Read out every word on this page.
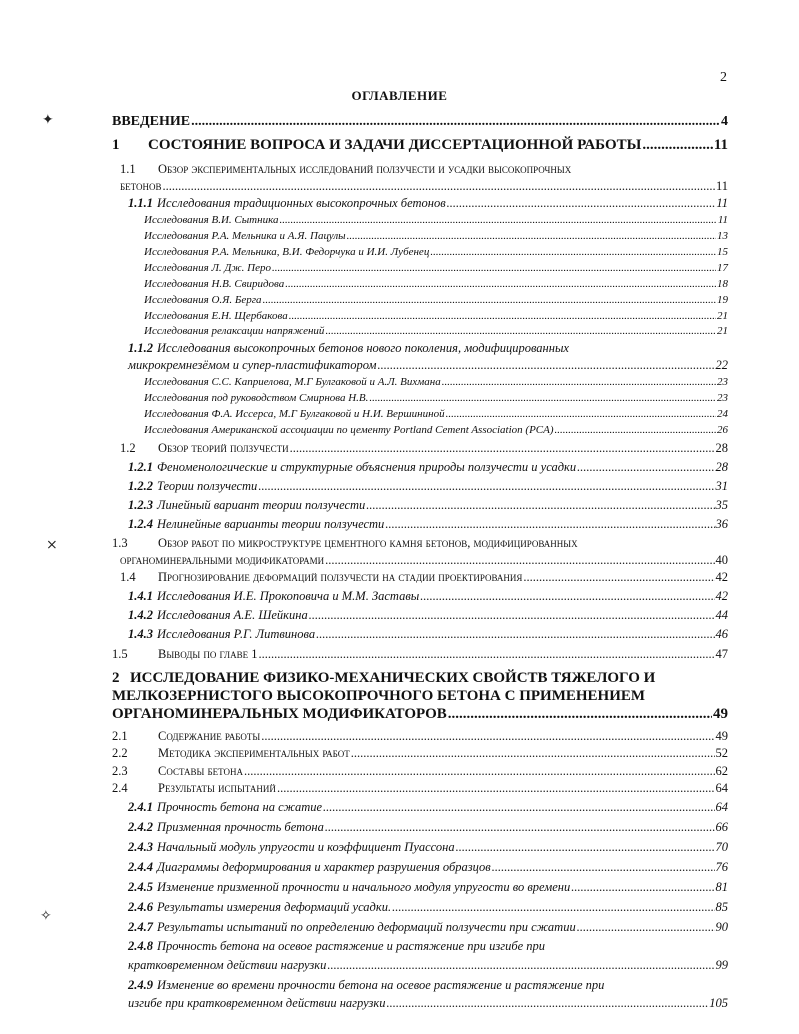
2
ОГЛАВЛЕНИЕ
ВВЕДЕНИЕ .....	4
1	СОСТОЯНИЕ ВОПРОСА И ЗАДАЧИ ДИССЕРТАЦИОННОЙ РАБОТЫ .....	11
1.1 Обзор экспериментальных исследований ползучести и усадки высокопрочных
бетонов .....	11
1.1.1 Исследования традиционных высокопрочных бетонов .....	11
Исследования В.И. Сытника .....	11
Исследования Р.А. Мельника и А.Я. Пацулы .....	13
Исследования Р.А. Мельника, В.И. Федорчука и И.И. Лубенец .....	15
Исследования Л. Дж. Перо .....	17
Исследования Н.В. Свиридова .....	18
Исследования О.Я. Берга .....	19
Исследования Е.Н. Щербакова .....	21
Исследования релаксации напряжений .....	21
1.1.2 Исследования высокопрочных бетонов нового поколения, модифицированных
микрокремнезёмом и супер-пластификатором .....	22
Исследования С.С. Каприелова, М.Г Булгаковой и А.Л. Вихмана .....	23
Исследования под руководством Смирнова Н.В. .....	23
Исследования Ф.А. Иссерса, М.Г Булгаковой и Н.И. Вершининой .....	24
Исследования Американской ассоциации по цементу Portland Cement Association (PCA) .....	26
1.2	Обзор теорий ползучести .....	28
1.2.1 Феноменологические и структурные объяснения природы ползучести и усадки .....	28
1.2.2 Теории ползучести .....	31
1.2.3 Линейный вариант теории ползучести .....	35
1.2.4 Нелинейные варианты теории ползучести .....	36
1.3 Обзор работ по микроструктуре цементного камня бетонов, модифицированных
органоминеральными модификаторами .....	40
1.4	Прогнозирование деформаций ползучести на стадии проектирования .....	42
1.4.1 Исследования И.Е. Прокоповича и М.М. Заставы .....	42
1.4.2 Исследования А.Е. Шейкина .....	44
1.4.3 Исследования Р.Г. Литвинова .....	46
1.5	Выводы по главе 1 .....	47
2 ИССЛЕДОВАНИЕ ФИЗИКО-МЕХАНИЧЕСКИХ СВОЙСТВ ТЯЖЕЛОГО И
МЕЛКОЗЕРНИСТОГО ВЫСОКОПРОЧНОГО БЕТОНА С ПРИМЕНЕНИЕМ
ОРГАНОМИНЕРАЛЬНЫХ МОДИФИКАТОРОВ .....	49
2.1	Содержание работы .....	49
2.2	Методика экспериментальных работ .....	52
2.3	Составы бетона .....	62
2.4	Результаты испытаний .....	64
2.4.1 Прочность бетона на сжатие .....	64
2.4.2 Призменная прочность бетона .....	66
2.4.3 Начальный модуль упругости и коэффициент Пуассона .....	70
2.4.4 Диаграммы деформирования и характер разрушения образцов .....	76
2.4.5 Изменение призменной прочности и начального модуля упругости во времени .....	81
2.4.6 Результаты измерения деформаций усадки. .....	85
2.4.7 Результаты испытаний по определению деформаций ползучести при сжатии .....	90
2.4.8 Прочность бетона на осевое растяжение и растяжение при изгибе при
кратковременном действии нагрузки .....	99
2.4.9 Изменение во времени прочности бетона на осевое растяжение и растяжение при
изгибе при кратковременном действии нагрузки .....	105
✦
⨯
✧
